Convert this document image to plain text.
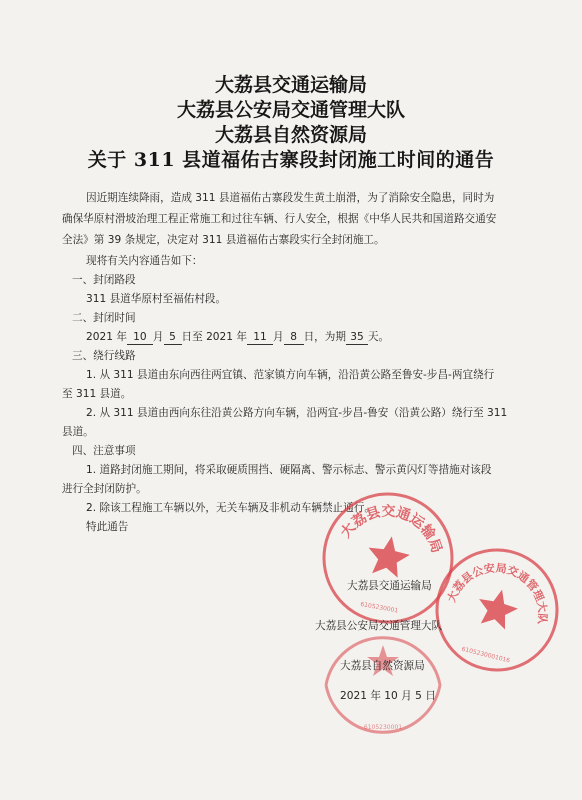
大荔县交通运输局
大荔县公安局交通管理大队
大荔县自然资源局
关于 311 县道福佑古寨段封闭施工时间的通告
因近期连续降雨，造成 311 县道福佑古寨段发生黄土崩滑，为了消除安全隐患，同时为
确保华原村滑坡治理工程正常施工和过往车辆、行人安全，根据《中华人民共和国道路交通安
全法》第 39 条规定，决定对 311 县道福佑古寨段实行全封闭施工。
现将有关内容通告如下：
一、封闭路段
311 县道华原村至福佑村段。
二、封闭时间
2021 年 10 月 5 日至 2021 年 11 月 8 日，为期 35 天。
三、绕行线路
1. 从 311 县道由东向西往两宜镇、范家镇方向车辆，沿沿黄公路至鲁安-步昌-两宜绕行
至 311 县道。
2. 从 311 县道由西向东往沿黄公路方向车辆，沿两宜-步昌-鲁安（沿黄公路）绕行至 311
县道。
四、注意事项
1. 道路封闭施工期间，将采取硬质围挡、硬隔离、警示标志、警示黄闪灯等措施对该段
进行全封闭防护。
2. 除该工程施工车辆以外，无关车辆及非机动车辆禁止通行。
特此通告	大荔县交通运输局
6105230001
大荔县公安局交通管理大队
6105230001016
6105230001
大荔县交通运输局
大荔县公安局交通管理大队
大荔县自然资源局
2021 年 10 月 5 日
